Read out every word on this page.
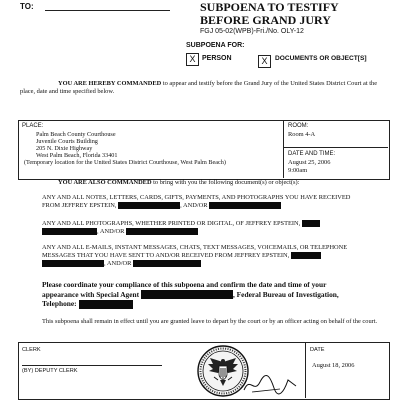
TO:	SUBPOENA TO TESTIFY
BEFORE GRAND JURY
FGJ 05-02(WPB)-Fri./No. OLY-12
SUBPOENA FOR:
X PERSON	X	DOCUMENTS OR OBJECT[S]
YOU ARE HEREBY COMMANDED to appear and testify before the Grand Jury of the United States District Court at the place, date and time specified below.
PLACE:
Palm Beach County Courthouse
Juvenile Courts Building
205 N. Dixie Highway
West Palm Beach, Florida 33401
(Temporary location for the United States District Courthouse, West Palm Beach)
ROOM:
Room 4-A
DATE AND TIME:
August 25, 2006
9:00am
YOU ARE ALSO COMMANDED to bring with you the following document(s) or object(s):
ANY AND ALL NOTES, LETTERS, CARDS, GIFTS, PAYMENTS, AND PHOTOGRAPHS YOU HAVE RECEIVED FROM JEFFREY EPSTEIN,	, AND/OR
ANY AND ALL PHOTOGRAPHS, WHETHER PRINTED OR DIGITAL, OF JEFFREY EPSTEIN,  , AND/OR
ANY AND ALL E-MAILS, INSTANT MESSAGES, CHATS, TEXT MESSAGES, VOICEMAILS, OR TELEPHONE MESSAGES THAT YOU HAVE SENT TO AND/OR RECEIVED FROM JEFFREY EPSTEIN,  , AND/OR
Please coordinate your compliance of this subpoena and confirm the date and time of your appearance with Special Agent	, Federal Bureau of Investigation, Telephone:
This subpoena shall remain in effect until you are granted leave to depart by the court or by an officer acting on behalf of the court.
CLERK
(BY) DEPUTY CLERK
DATE
August 18, 2006
